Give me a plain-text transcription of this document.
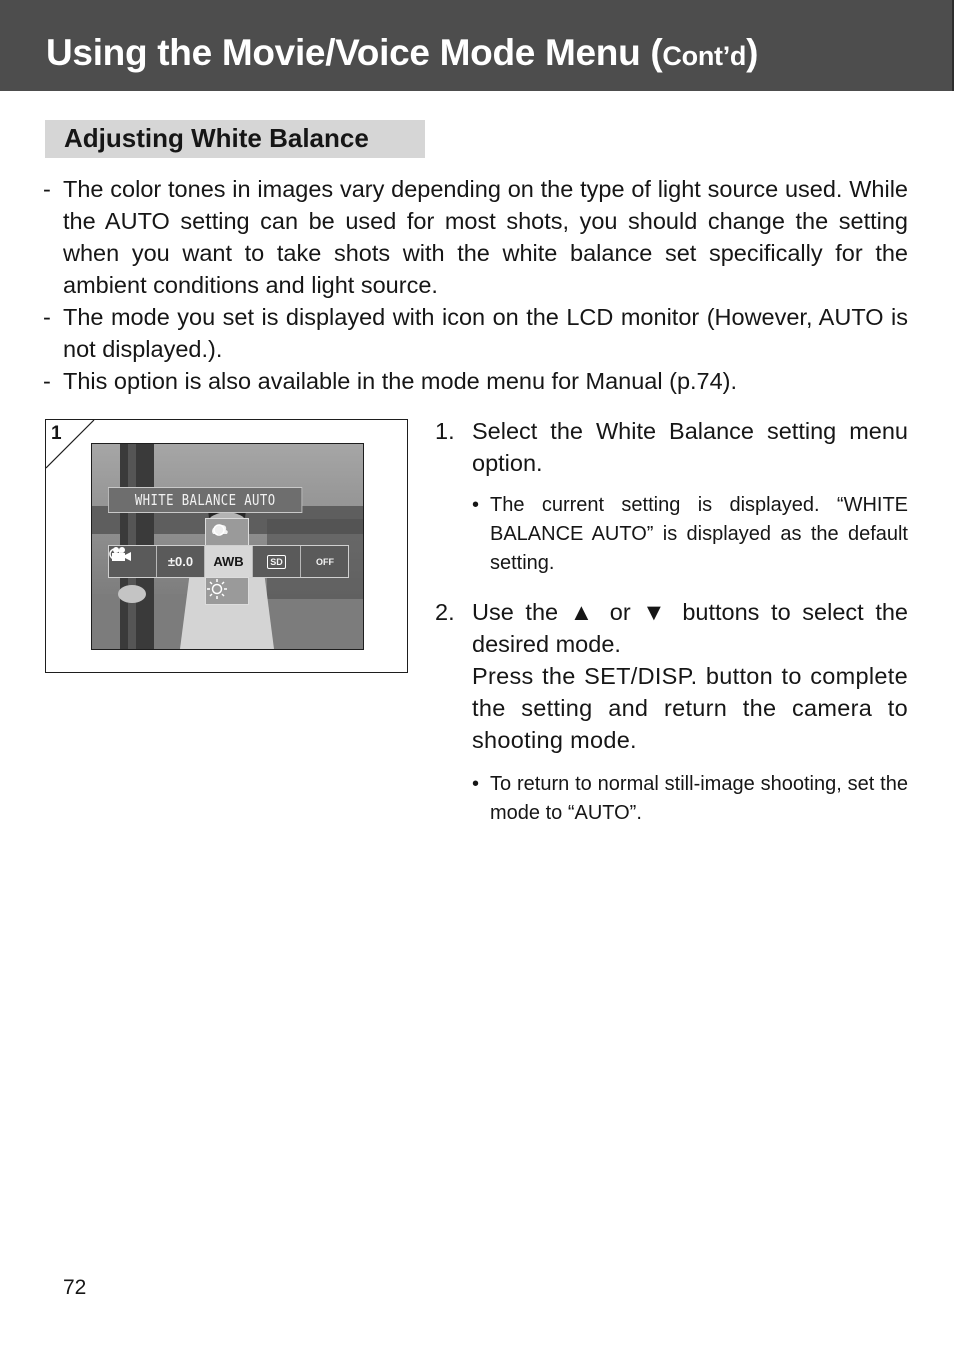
Using the Movie/Voice Mode Menu (Cont’d)
Adjusting White Balance
- The color tones in images vary depending on the type of light source used. While the AUTO setting can be used for most shots, you should change the setting when you want to take shots with the white balance set specifically for the ambient conditions and light source.
- The mode you set is displayed with icon on the LCD monitor (However, AUTO is not displayed.).
- This option is also available in the mode menu for Manual (p.74).
1
WHITE BALANCE AUTO
±0.0	AWB	SD	OFF
1. Select the White Balance setting menu option.

• The current setting is displayed. “WHITE BALANCE AUTO” is displayed as the default setting.
2. Use the ▲ or ▼ buttons to select the desired mode.

Press the SET/DISP. button to complete the setting and return the camera to shooting mode.

• To return to normal still-image shooting, set the mode to “AUTO”.
72
